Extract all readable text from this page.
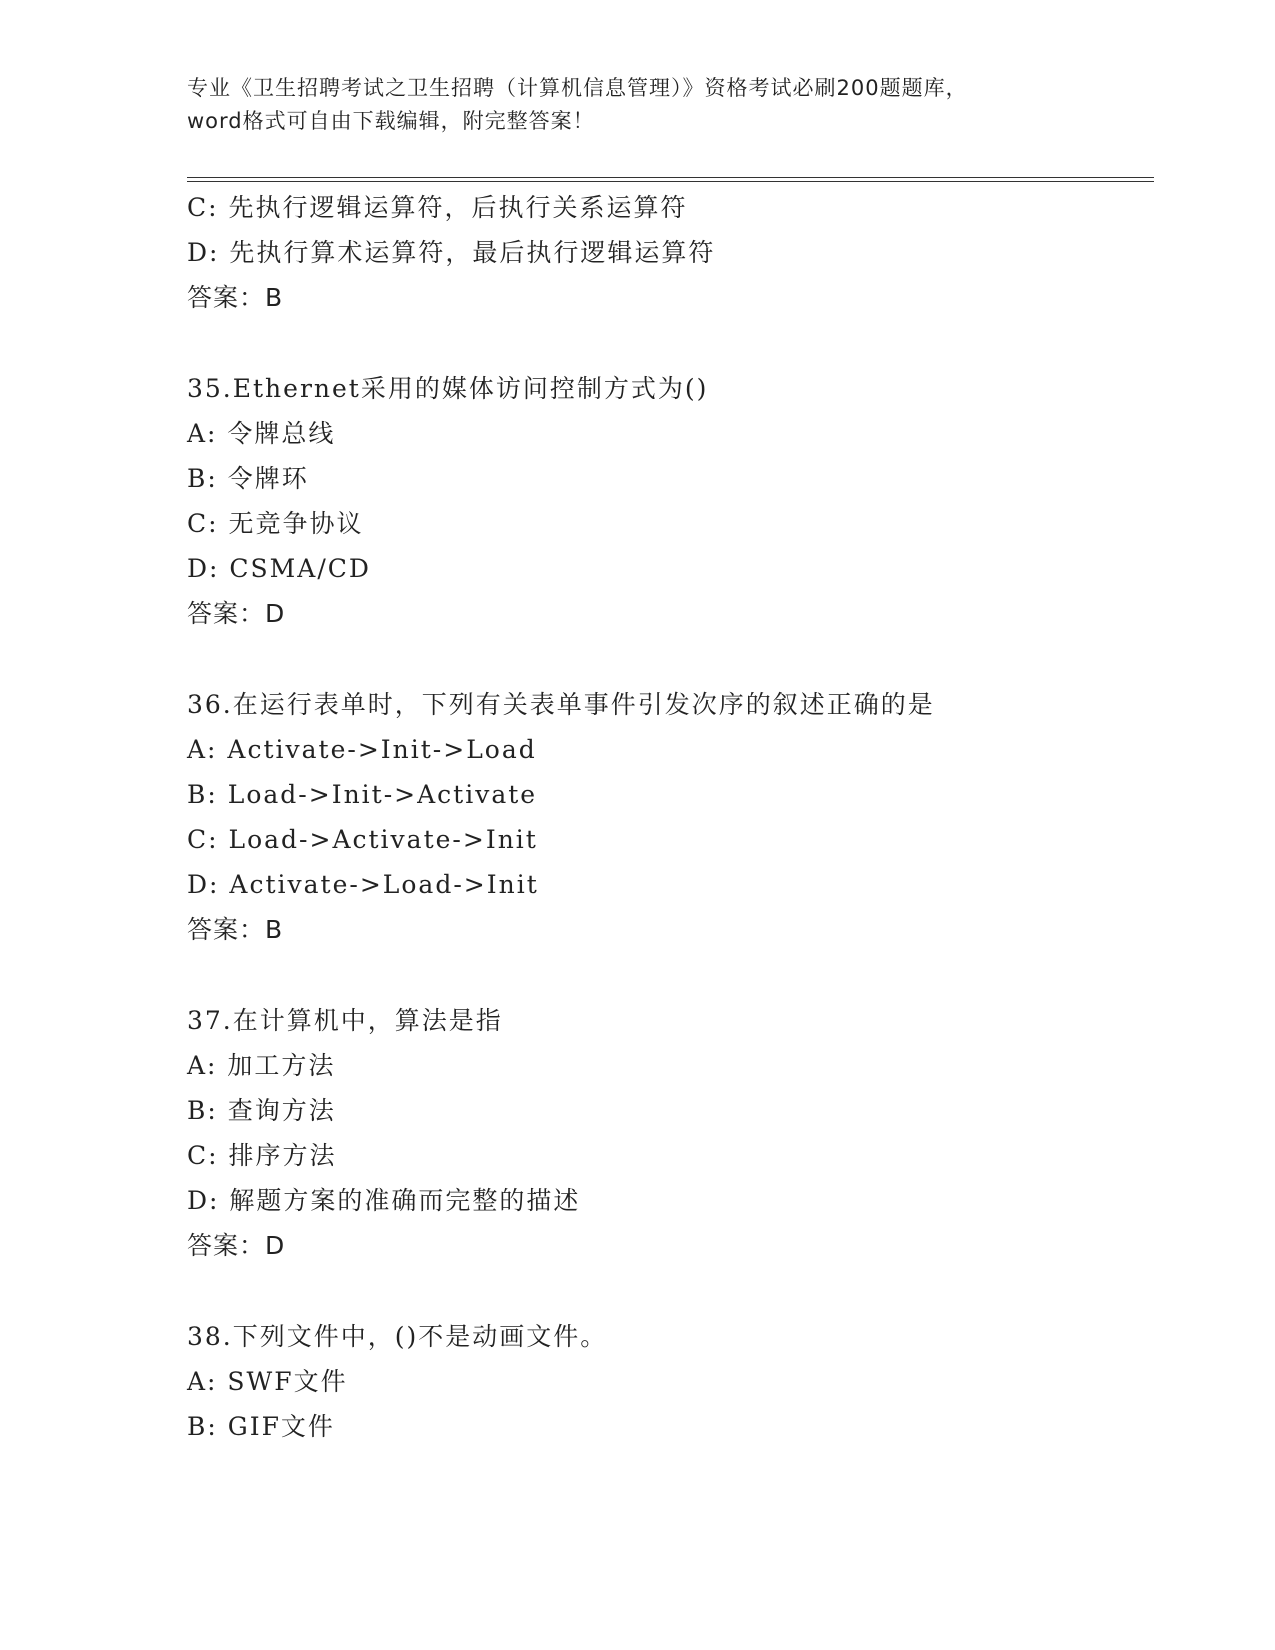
专业《卫生招聘考试之卫生招聘（计算机信息管理）》资格考试必刷200题题库，
word格式可自由下载编辑，附完整答案！
C: 先执行逻辑运算符，后执行关系运算符
D: 先执行算术运算符，最后执行逻辑运算符
答案：B
35.Ethernet采用的媒体访问控制方式为()
A: 令牌总线
B: 令牌环
C: 无竞争协议
D: CSMA/CD
答案：D
36.在运行表单时，下列有关表单事件引发次序的叙述正确的是
A: Activate->Init->Load
B: Load->Init->Activate
C: Load->Activate->Init
D: Activate->Load->Init
答案：B
37.在计算机中，算法是指
A: 加工方法
B: 查询方法
C: 排序方法
D: 解题方案的准确而完整的描述
答案：D
38.下列文件中，()不是动画文件。
A: SWF文件
B: GIF文件
